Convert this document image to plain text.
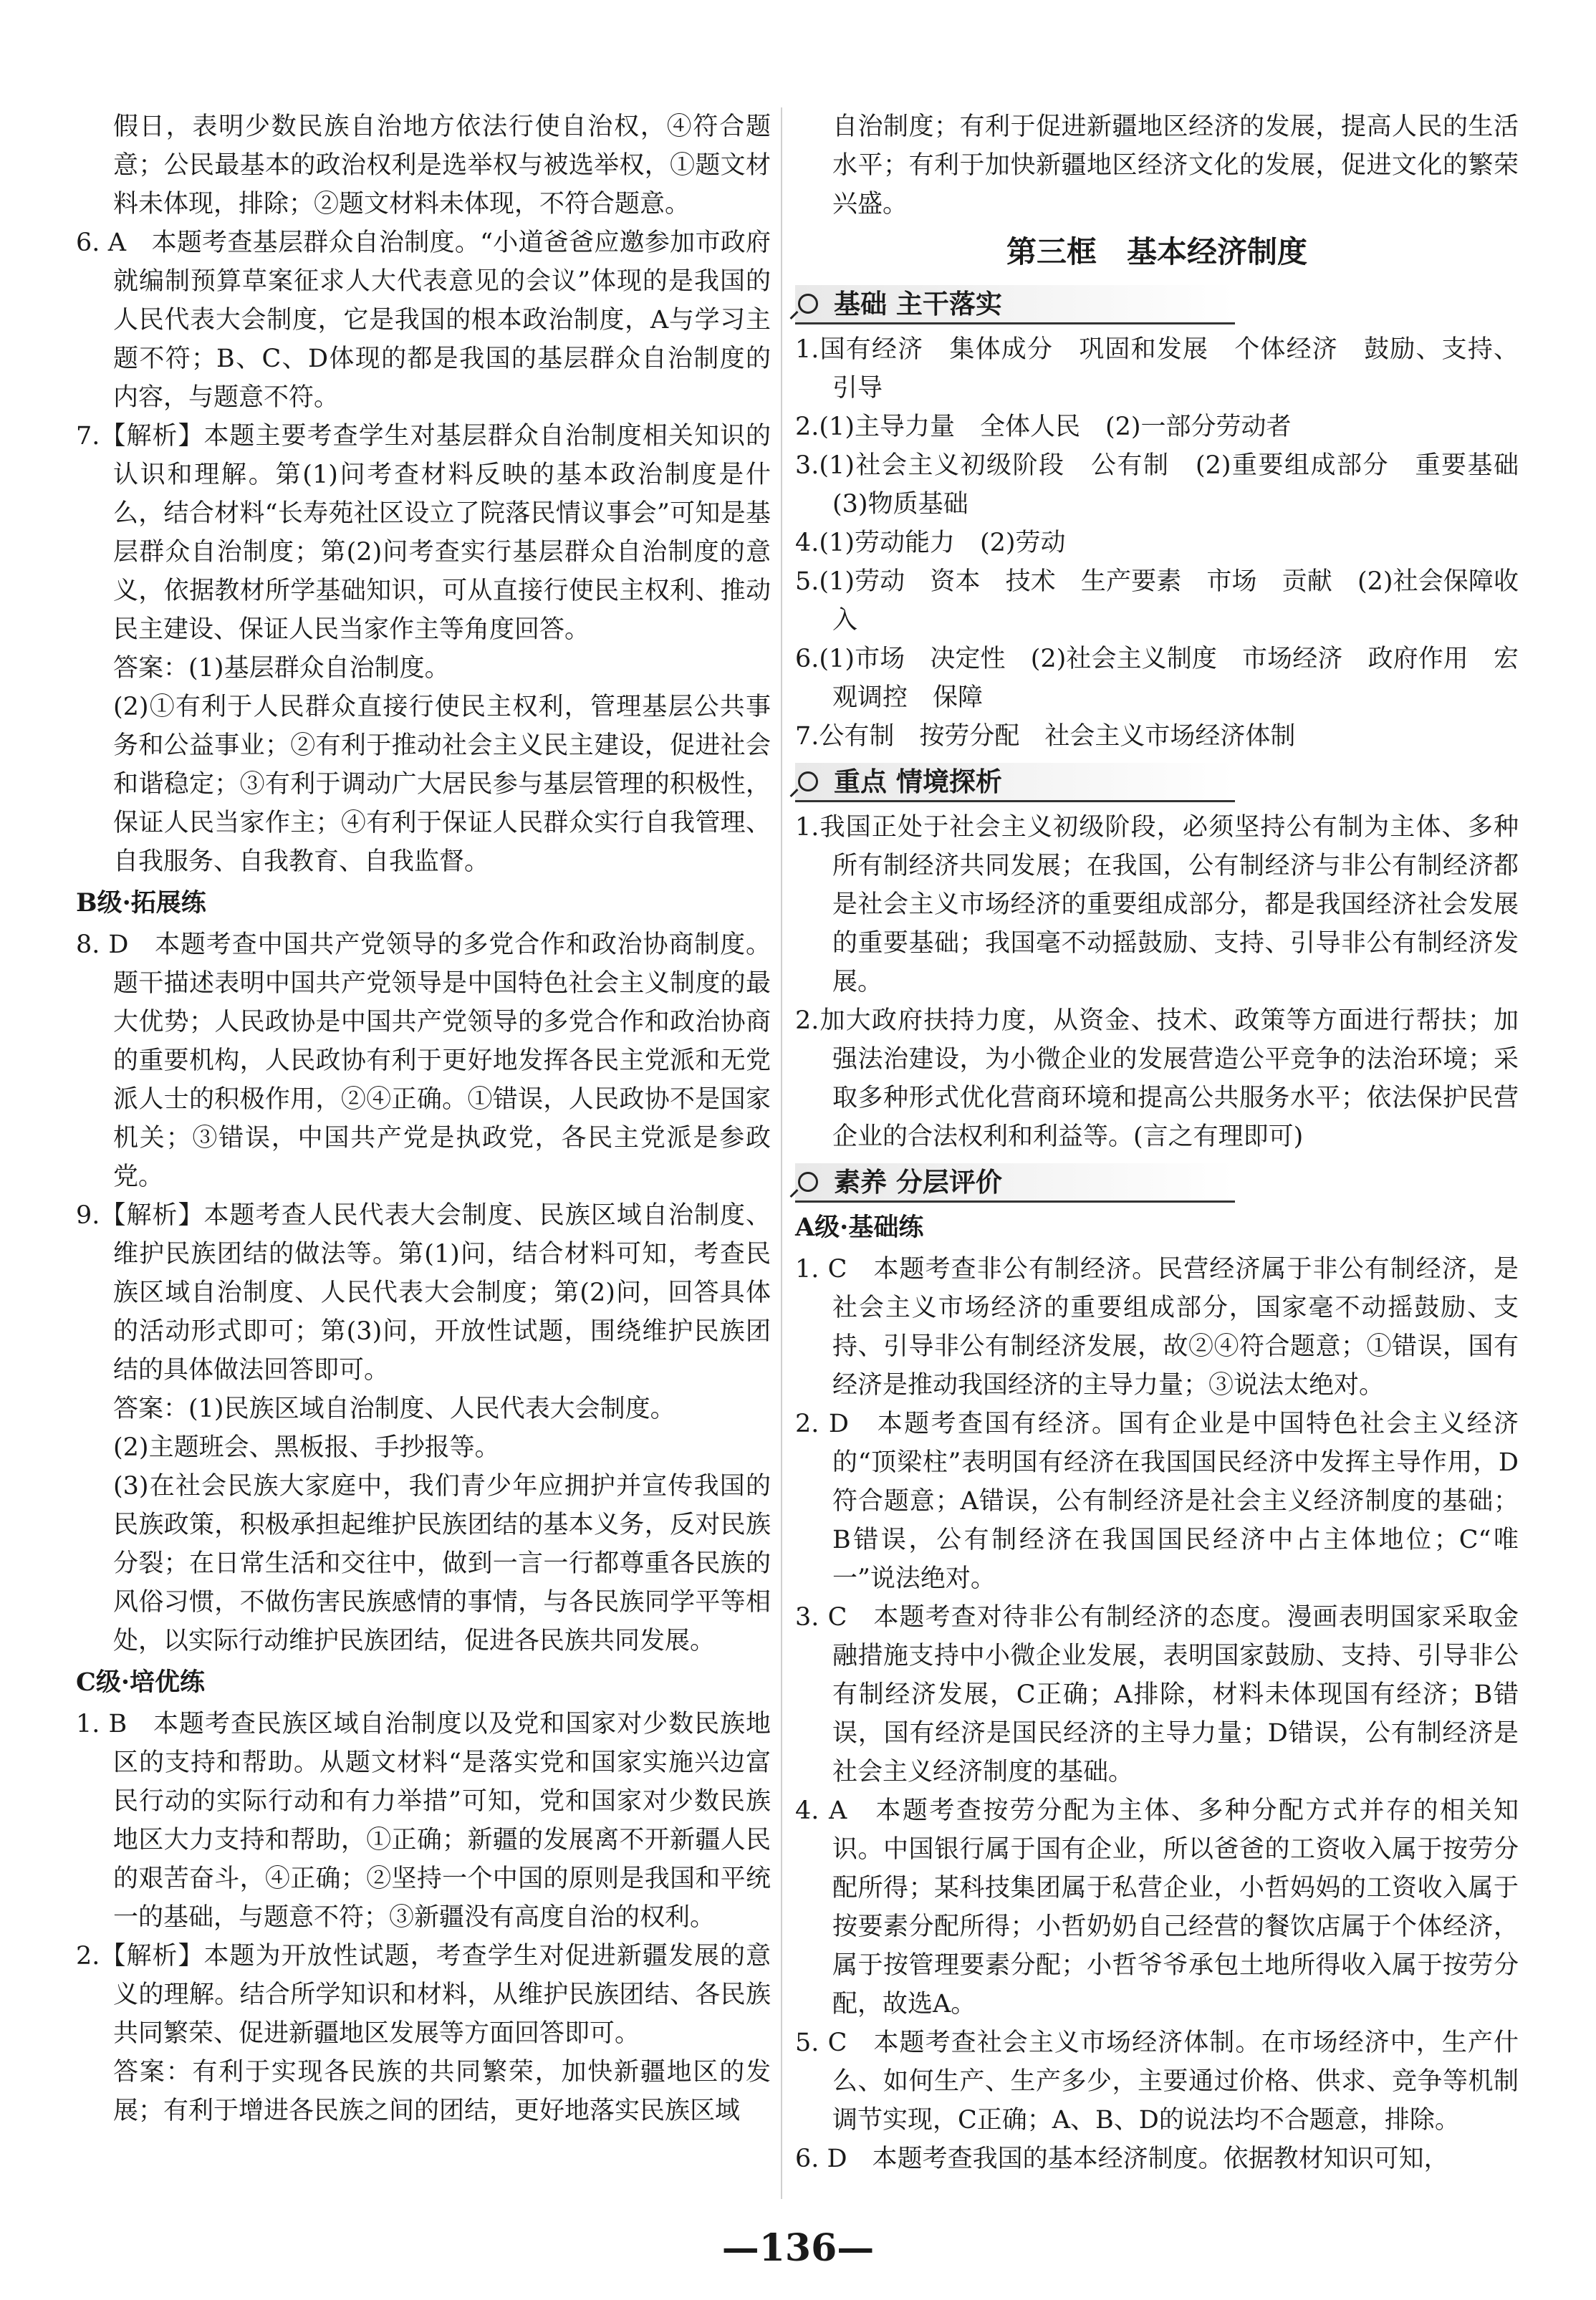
假日，表明少数民族自治地方依法行使自治权，④符合题意；公民最基本的政治权利是选举权与被选举权，①题文材料未体现，排除；②题文材料未体现，不符合题意。

6. A　本题考查基层群众自治制度。“小道爸爸应邀参加市政府就编制预算草案征求人大代表意见的会议”体现的是我国的人民代表大会制度，它是我国的根本政治制度，A与学习主题不符；B、C、D体现的都是我国的基层群众自治制度的内容，与题意不符。

7.【解析】本题主要考查学生对基层群众自治制度相关知识的认识和理解。第(1)问考查材料反映的基本政治制度是什么，结合材料“长寿苑社区设立了院落民情议事会”可知是基层群众自治制度；第(2)问考查实行基层群众自治制度的意义，依据教材所学基础知识，可从直接行使民主权利、推动民主建设、保证人民当家作主等角度回答。

答案：(1)基层群众自治制度。

(2)①有利于人民群众直接行使民主权利，管理基层公共事务和公益事业；②有利于推动社会主义民主建设，促进社会和谐稳定；③有利于调动广大居民参与基层管理的积极性，保证人民当家作主；④有利于保证人民群众实行自我管理、自我服务、自我教育、自我监督。

B级·拓展练

8. D　本题考查中国共产党领导的多党合作和政治协商制度。题干描述表明中国共产党领导是中国特色社会主义制度的最大优势；人民政协是中国共产党领导的多党合作和政治协商的重要机构，人民政协有利于更好地发挥各民主党派和无党派人士的积极作用，②④正确。①错误，人民政协不是国家机关；③错误，中国共产党是执政党，各民主党派是参政党。

9.【解析】本题考查人民代表大会制度、民族区域自治制度、维护民族团结的做法等。第(1)问，结合材料可知，考查民族区域自治制度、人民代表大会制度；第(2)问，回答具体的活动形式即可；第(3)问，开放性试题，围绕维护民族团结的具体做法回答即可。

答案：(1)民族区域自治制度、人民代表大会制度。

(2)主题班会、黑板报、手抄报等。

(3)在社会民族大家庭中，我们青少年应拥护并宣传我国的民族政策，积极承担起维护民族团结的基本义务，反对民族分裂；在日常生活和交往中，做到一言一行都尊重各民族的风俗习惯，不做伤害民族感情的事情，与各民族同学平等相处，以实际行动维护民族团结，促进各民族共同发展。

C级·培优练

1. B　本题考查民族区域自治制度以及党和国家对少数民族地区的支持和帮助。从题文材料“是落实党和国家实施兴边富民行动的实际行动和有力举措”可知，党和国家对少数民族地区大力支持和帮助，①正确；新疆的发展离不开新疆人民的艰苦奋斗，④正确；②坚持一个中国的原则是我国和平统一的基础，与题意不符；③新疆没有高度自治的权利。

2.【解析】本题为开放性试题，考查学生对促进新疆发展的意义的理解。结合所学知识和材料，从维护民族团结、各民族共同繁荣、促进新疆地区发展等方面回答即可。

答案：有利于实现各民族的共同繁荣，加快新疆地区的发展；有利于增进各民族之间的团结，更好地落实民族区域

自治制度；有利于促进新疆地区经济的发展，提高人民的生活水平；有利于加快新疆地区经济文化的发展，促进文化的繁荣兴盛。

第三框　基本经济制度

基础 主干落实

1.国有经济　集体成分　巩固和发展　个体经济　鼓励、支持、引导

2.(1)主导力量　全体人民　(2)一部分劳动者

3.(1)社会主义初级阶段　公有制　(2)重要组成部分　重要基础　(3)物质基础

4.(1)劳动能力　(2)劳动

5.(1)劳动　资本　技术　生产要素　市场　贡献　(2)社会保障收入

6.(1)市场　决定性　(2)社会主义制度　市场经济　政府作用　宏观调控　保障

7.公有制　按劳分配　社会主义市场经济体制

重点 情境探析

1.我国正处于社会主义初级阶段，必须坚持公有制为主体、多种所有制经济共同发展；在我国，公有制经济与非公有制经济都是社会主义市场经济的重要组成部分，都是我国经济社会发展的重要基础；我国毫不动摇鼓励、支持、引导非公有制经济发展。

2.加大政府扶持力度，从资金、技术、政策等方面进行帮扶；加强法治建设，为小微企业的发展营造公平竞争的法治环境；采取多种形式优化营商环境和提高公共服务水平；依法保护民营企业的合法权利和利益等。(言之有理即可)

素养 分层评价

A级·基础练

1. C　本题考查非公有制经济。民营经济属于非公有制经济，是社会主义市场经济的重要组成部分，国家毫不动摇鼓励、支持、引导非公有制经济发展，故②④符合题意；①错误，国有经济是推动我国经济的主导力量；③说法太绝对。

2. D　本题考查国有经济。国有企业是中国特色社会主义经济的“顶梁柱”表明国有经济在我国国民经济中发挥主导作用，D符合题意；A错误，公有制经济是社会主义经济制度的基础；B错误，公有制经济在我国国民经济中占主体地位；C“唯一”说法绝对。

3. C　本题考查对待非公有制经济的态度。漫画表明国家采取金融措施支持中小微企业发展，表明国家鼓励、支持、引导非公有制经济发展，C正确；A排除，材料未体现国有经济；B错误，国有经济是国民经济的主导力量；D错误，公有制经济是社会主义经济制度的基础。

4. A　本题考查按劳分配为主体、多种分配方式并存的相关知识。中国银行属于国有企业，所以爸爸的工资收入属于按劳分配所得；某科技集团属于私营企业，小哲妈妈的工资收入属于按要素分配所得；小哲奶奶自己经营的餐饮店属于个体经济，属于按管理要素分配；小哲爷爷承包土地所得收入属于按劳分配，故选A。

5. C　本题考查社会主义市场经济体制。在市场经济中，生产什么、如何生产、生产多少，主要通过价格、供求、竞争等机制调节实现，C正确；A、B、D的说法均不合题意，排除。

6. D　本题考查我国的基本经济制度。依据教材知识可知，

—136—
